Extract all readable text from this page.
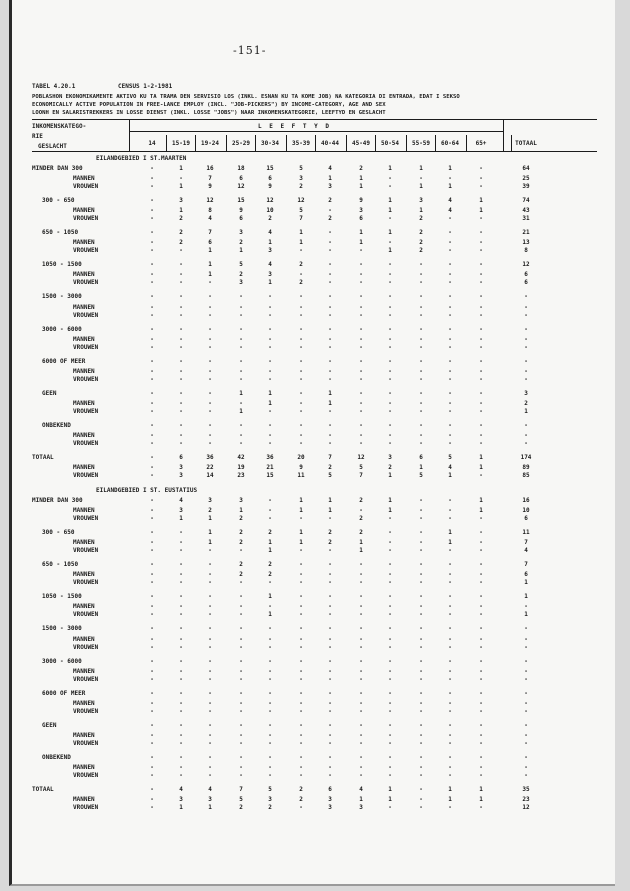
-151-
TABEL 4.20.1	CENSUS 1-2-1981
POBLASHON EKONOMIKAMENTE AKTIVO KU TA TRAMA DEN SERVISIO LOS (INKL. ESNAN KU TA KOME JOB) NA KATEGORIA DI ENTRADA, EDAT I SEKSO
ECONOMICALLY ACTIVE POPULATION IN FREE-LANCE EMPLOY (INCL. "JOB-PICKERS") BY INCOME-CATEGORY, AGE AND SEX
LOONH EN SALARISTREKKERS IN LOSSE DIENST (INKL. LOSSE "JOBS") NAAR INKOMENSKATEGORIE, LEEFTYD EN GESLACHT
INKOMENSKATEGO-
RIE
GESLACHT
L E E F T Y D
14	15-19	19-24	25-29	30-34	35-39	40-44	45-49	50-54	55-59	60-64	65+	TOTAAL
EILANDGEBIED I ST.MAARTEN
MINDER DAN 300	-	1	16	18	15	5	4	2	1	1	1	-	64
MANNEN	-	-	7	6	6	3	1	1	-	-	-	-	25
VROUWEN	-	1	9	12	9	2	3	1	-	1	1	-	39
300 - 650	-	3	12	15	12	12	2	9	1	3	4	1	74
MANNEN	-	1	8	9	10	5	-	3	1	1	4	1	43
VROUWEN	-	2	4	6	2	7	2	6	-	2	-	-	31
650 - 1050	-	2	7	3	4	1	-	1	1	2	-	-	21
MANNEN	-	2	6	2	1	1	-	1	-	2	-	-	13
VROUWEN	-	-	1	1	3	-	-	-	1	2	-	-	8
1050 - 1500	-	-	1	5	4	2	-	-	-	-	-	-	12
MANNEN	-	-	1	2	3	-	-	-	-	-	-	-	6
VROUWEN	-	-	-	3	1	2	-	-	-	-	-	-	6
1500 - 3000	-	-	-	-	-	-	-	-	-	-	-	-	-
MANNEN	-	-	-	-	-	-	-	-	-	-	-	-	-
VROUWEN	-	-	-	-	-	-	-	-	-	-	-	-	-
3000 - 6000	-	-	-	-	-	-	-	-	-	-	-	-	-
MANNEN	-	-	-	-	-	-	-	-	-	-	-	-	-
VROUWEN	-	-	-	-	-	-	-	-	-	-	-	-	-
6000 OF MEER	-	-	-	-	-	-	-	-	-	-	-	-	-
MANNEN	-	-	-	-	-	-	-	-	-	-	-	-	-
VROUWEN	-	-	-	-	-	-	-	-	-	-	-	-	-
GEEN	-	-	-	1	1	-	1	-	-	-	-	-	3
MANNEN	-	-	-	-	1	-	1	-	-	-	-	-	2
VROUWEN	-	-	-	1	-	-	-	-	-	-	-	-	1
ONBEKEND	-	-	-	-	-	-	-	-	-	-	-	-	-
MANNEN	-	-	-	-	-	-	-	-	-	-	-	-	-
VROUWEN	-	-	-	-	-	-	-	-	-	-	-	-	-
TOTAAL	-	6	36	42	36	20	7	12	3	6	5	1	174
MANNEN	-	3	22	19	21	9	2	5	2	1	4	1	89
VROUWEN	-	3	14	23	15	11	5	7	1	5	1	-	85
EILANDGEBIED I ST. EUSTATIUS
MINDER DAN 300	-	4	3	3	-	1	1	2	1	-	-	1	16
MANNEN	-	3	2	1	-	1	1	-	1	-	-	1	10
VROUWEN	-	1	1	2	-	-	-	2	-	-	-	-	6
300 - 650	-	-	1	2	2	1	2	2	-	-	1	-	11
MANNEN	-	-	1	2	1	1	2	1	-	-	1	-	7
VROUWEN	-	-	-	-	1	-	-	1	-	-	-	-	4
650 - 1050	-	-	-	2	2	-	-	-	-	-	-	-	7
MANNEN	-	-	-	2	2	-	-	-	-	-	-	-	6
VROUWEN	-	-	-	-	-	-	-	-	-	-	-	-	1
1050 - 1500	-	-	-	-	1	-	-	-	-	-	-	-	1
MANNEN	-	-	-	-	-	-	-	-	-	-	-	-	-
VROUWEN	-	-	-	-	1	-	-	-	-	-	-	-	1
1500 - 3000	-	-	-	-	-	-	-	-	-	-	-	-	-
MANNEN	-	-	-	-	-	-	-	-	-	-	-	-	-
VROUWEN	-	-	-	-	-	-	-	-	-	-	-	-	-
3000 - 6000	-	-	-	-	-	-	-	-	-	-	-	-	-
MANNEN	-	-	-	-	-	-	-	-	-	-	-	-	-
VROUWEN	-	-	-	-	-	-	-	-	-	-	-	-	-
6000 OF MEER	-	-	-	-	-	-	-	-	-	-	-	-	-
MANNEN	-	-	-	-	-	-	-	-	-	-	-	-	-
VROUWEN	-	-	-	-	-	-	-	-	-	-	-	-	-
GEEN	-	-	-	-	-	-	-	-	-	-	-	-	-
MANNEN	-	-	-	-	-	-	-	-	-	-	-	-	-
VROUWEN	-	-	-	-	-	-	-	-	-	-	-	-	-
ONBEKEND	-	-	-	-	-	-	-	-	-	-	-	-	-
MANNEN	-	-	-	-	-	-	-	-	-	-	-	-	-
VROUWEN	-	-	-	-	-	-	-	-	-	-	-	-	-
TOTAAL	-	4	4	7	5	2	6	4	1	-	1	1	35
MANNEN	-	3	3	5	3	2	3	1	1	-	1	1	23
VROUWEN	-	1	1	2	2	-	3	3	-	-	-	-	12
